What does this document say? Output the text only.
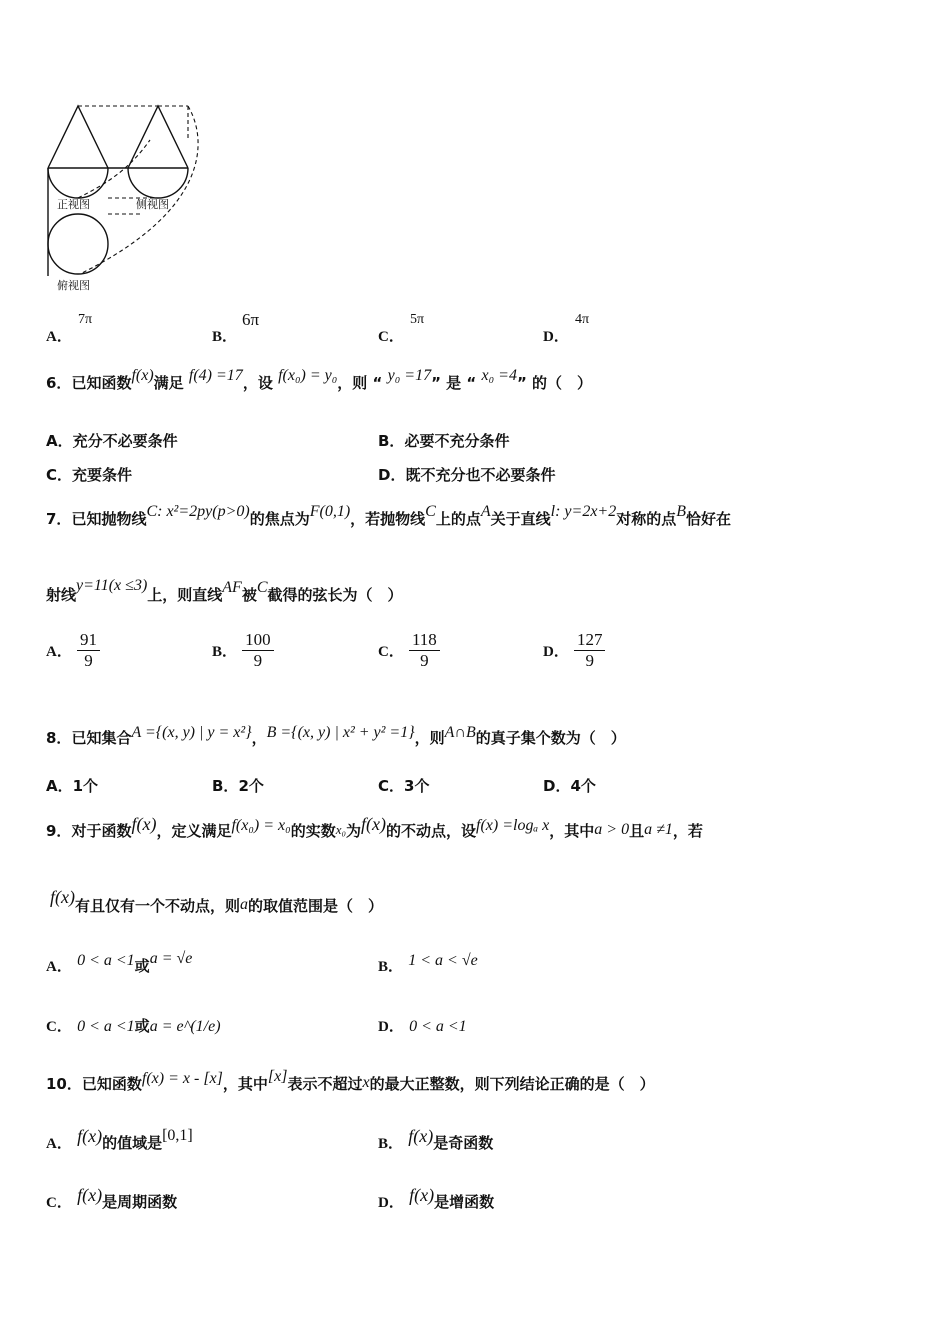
正视图	侧视图
俯视图
A．
7π
B．
6π
C．
5π
D．
4π
6．已知函数f(x)满足 f(4) =17，设 f(x₀) = y₀，则 “ y₀ =17” 是 “ x₀ =4” 的（　）
A．充分不必要条件	B．必要不充分条件
C．充要条件	D．既不充分也不必要条件
7．已知抛物线C: x²=2py(p>0)的焦点为F(0,1)，若抛物线C上的点A关于直线l: y=2x+2对称的点B恰好在
射线y=11(x ≤3)上，则直线AF被C截得的弦长为（　）
A． $\frac{91}{9}$	B． $\frac{100}{9}$	C． $\frac{118}{9}$	D． $\frac{127}{9}$
8．已知集合A ={(x, y) | y = x²}，B ={(x, y) | x² + y² =1}，则A∩B的真子集个数为（　）
A．1个	B．2个	C．3个	D．4个
9．对于函数f(x)，定义满足f(x₀) = x₀的实数x₀为f(x)的不动点，设f(x) =logₐ x，其中a > 0且a ≠1，若
f(x)有且仅有一个不动点，则a的取值范围是（　）
A． 0 < a <1或a = √e	B． 1 < a < √e
C． 0 < a <1或a = e^(1/e)	D． 0 < a <1
10．已知函数f(x) = x - [x]，其中[x]表示不超过x的最大正整数，则下列结论正确的是（　）
A． f(x)的值域是[0,1]	B． f(x)是奇函数
C． f(x)是周期函数	D． f(x)是增函数
